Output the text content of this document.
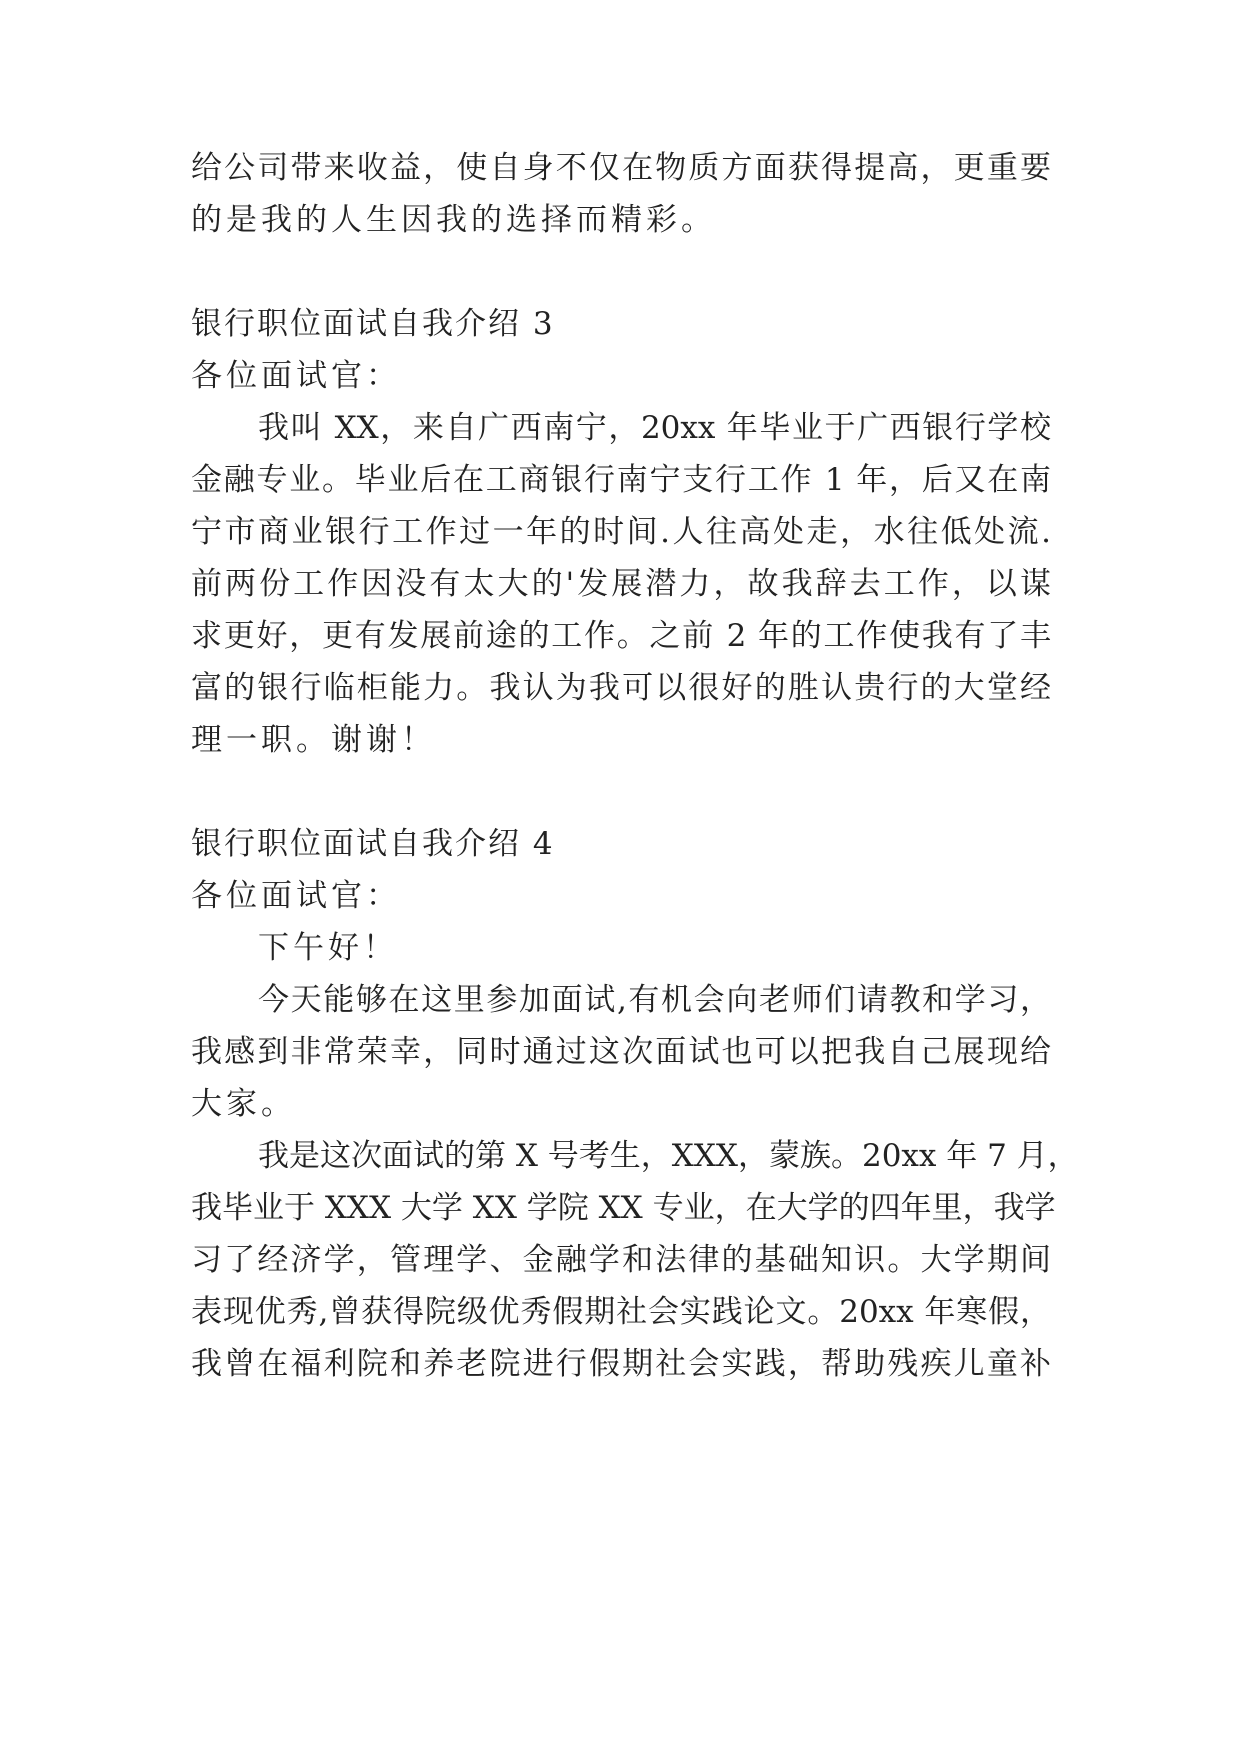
给公司带来收益，使自身不仅在物质方面获得提高，更重要
的是我的人生因我的选择而精彩。
银行职位面试自我介绍 3
各位面试官：
我叫 XX，来自广西南宁，20xx 年毕业于广西银行学校
金融专业。毕业后在工商银行南宁支行工作 1 年，后又在南
宁市商业银行工作过一年的时间.人往高处走，水往低处流.
前两份工作因没有太大的'发展潜力，故我辞去工作，以谋
求更好，更有发展前途的工作。之前 2 年的工作使我有了丰
富的银行临柜能力。我认为我可以很好的胜认贵行的大堂经
理一职。谢谢！
银行职位面试自我介绍 4
各位面试官：
下午好！
今天能够在这里参加面试,有机会向老师们请教和学习，
我感到非常荣幸，同时通过这次面试也可以把我自己展现给
大家。
我是这次面试的第 X 号考生，XXX，蒙族。20xx 年 7 月，
我毕业于 XXX 大学 XX 学院 XX 专业，在大学的四年里，我学
习了经济学，管理学、金融学和法律的基础知识。大学期间
表现优秀,曾获得院级优秀假期社会实践论文。20xx 年寒假，
我曾在福利院和养老院进行假期社会实践，帮助残疾儿童补
